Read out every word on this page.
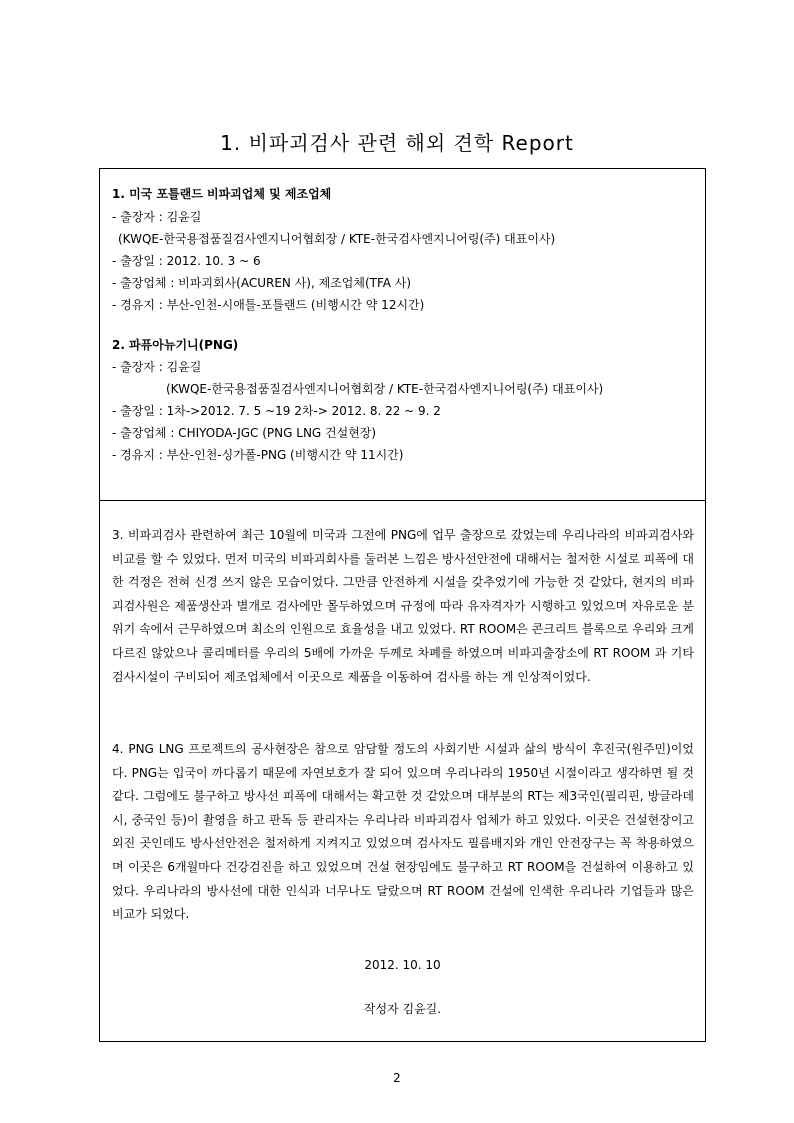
1. 비파괴검사 관련 해외 견학 Report
1. 미국 포틀랜드 비파괴업체 및 제조업체
- 출장자 : 김윤길
(KWQE-한국용접품질검사엔지니어협회장 / KTE-한국검사엔지니어링(주) 대표이사)
- 출장일 : 2012. 10. 3 ~ 6
- 출장업체 : 비파괴회사(ACUREN 사), 제조업체(TFA 사)
- 경유지 : 부산-인천-시애틀-포틀랜드 (비행시간 약 12시간)
2. 파퓨아뉴기니(PNG)
- 출장자 : 김윤길
(KWQE-한국용접품질검사엔지니어협회장 / KTE-한국검사엔지니어링(주) 대표이사)
- 출장일 : 1차->2012. 7. 5 ~19 2차-> 2012. 8. 22 ~ 9. 2
- 출장업체 : CHIYODA-JGC (PNG LNG 건설현장)
- 경유지 : 부산-인천-싱가폴-PNG (비행시간 약 11시간)
3. 비파괴검사 관련하여 최근 10월에 미국과 그전에 PNG에 업무 출장으로 갔었는데 우리나라의 비파괴검사와 비교를 할 수 있었다. 먼저 미국의 비파괴회사를 둘러본 느낌은 방사선안전에 대해서는 철저한 시설로 피폭에 대한 걱정은 전혀 신경 쓰지 않은 모습이었다. 그만큼 안전하게 시설을 갖추었기에 가능한 것 같았다, 현지의 비파괴검사원은 제품생산과 별개로 검사에만 몰두하였으며 규정에 따라 유자격자가 시행하고 있었으며 자유로운 분위기 속에서 근무하였으며 최소의 인원으로 효율성을 내고 있었다. RT ROOM은 콘크리트 블록으로 우리와 크게 다르진 않았으나 콜리메터를 우리의 5배에 가까운 두께로 차폐를 하였으며 비파괴출장소에 RT ROOM 과 기타 검사시설이 구비되어 제조업체에서 이곳으로 제품을 이동하여 검사를 하는 게 인상적이었다.
4. PNG LNG 프로젝트의 공사현장은 참으로 암담할 정도의 사회기반 시설과 삶의 방식이 후진국(원주민)이었다. PNG는 입국이 까다롭기 때문에 자연보호가 잘 되어 있으며 우리나라의 1950년 시절이라고 생각하면 될 것 같다. 그럼에도 불구하고 방사선 피폭에 대해서는 확고한 것 같았으며 대부분의 RT는 제3국인(필리핀, 방글라데시, 중국인 등)이 촬영을 하고 판독 등 관리자는 우리나라 비파괴검사 업체가 하고 있었다. 이곳은 건설현장이고 외진 곳인데도 방사선안전은 철저하게 지켜지고 있었으며 검사자도 필름배지와 개인 안전장구는 꼭 착용하였으며 이곳은 6개월마다 건강검진을 하고 있었으며 건설 현장임에도 불구하고 RT ROOM을 건설하여 이용하고 있었다. 우리나라의 방사선에 대한 인식과 너무나도 달랐으며 RT ROOM 건설에 인색한 우리나라 기업들과 많은 비교가 되었다.
2012. 10. 10
작성자 김윤길.
2
